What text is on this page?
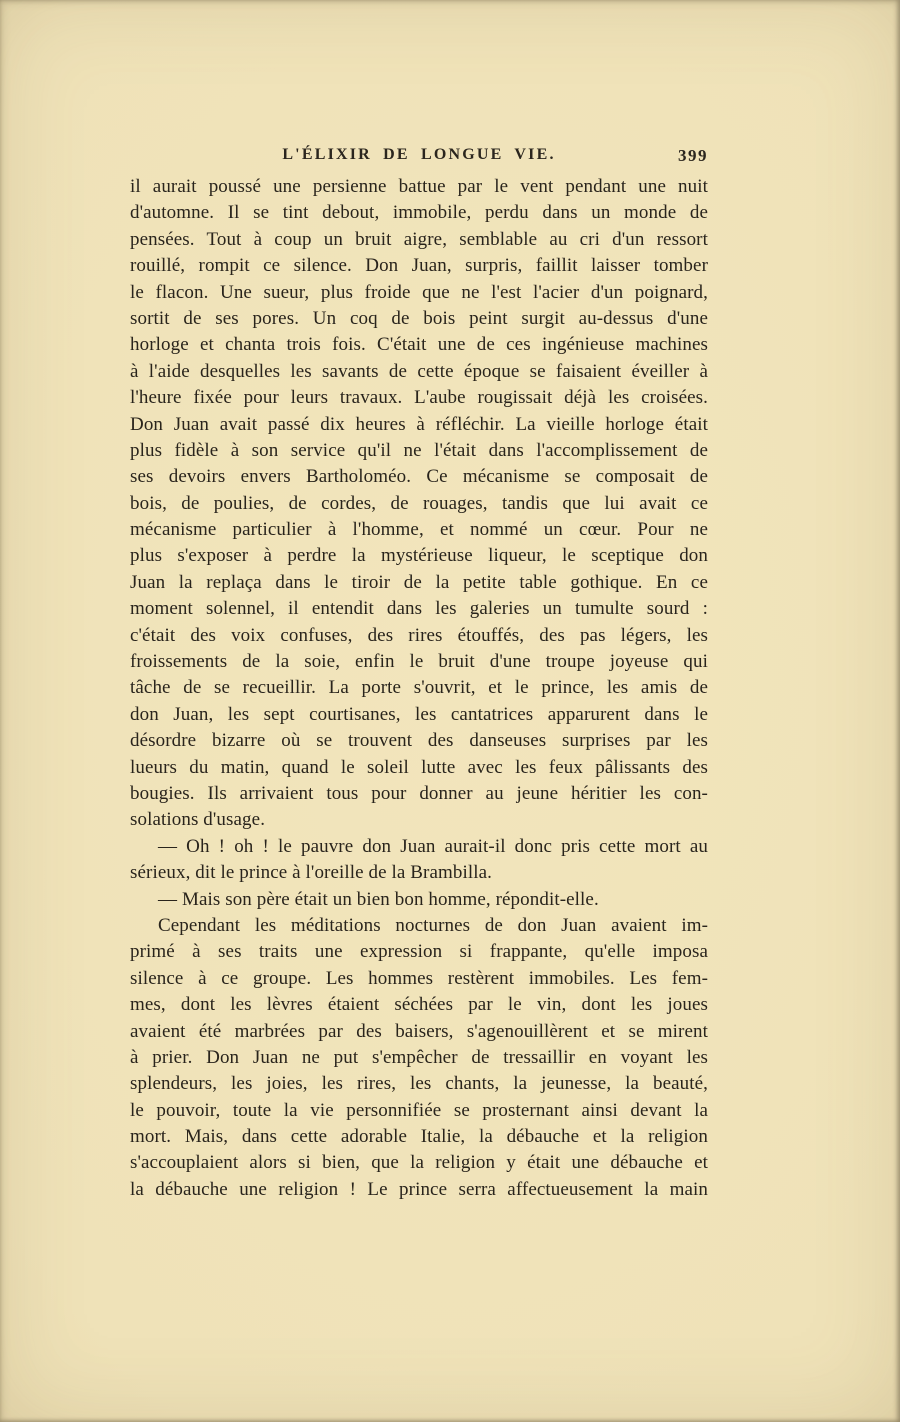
L'ÉLIXIR DE LONGUE VIE.	399
il aurait poussé une persienne battue par le vent pendant une nuit
d'automne. Il se tint debout, immobile, perdu dans un monde de
pensées. Tout à coup un bruit aigre, semblable au cri d'un ressort
rouillé, rompit ce silence. Don Juan, surpris, faillit laisser tomber
le flacon. Une sueur, plus froide que ne l'est l'acier d'un poignard,
sortit de ses pores. Un coq de bois peint surgit au-dessus d'une
horloge et chanta trois fois. C'était une de ces ingénieuse machines
à l'aide desquelles les savants de cette époque se faisaient éveiller à
l'heure fixée pour leurs travaux. L'aube rougissait déjà les croisées.
Don Juan avait passé dix heures à réfléchir. La vieille horloge était
plus fidèle à son service qu'il ne l'était dans l'accomplissement de
ses devoirs envers Bartholoméo. Ce mécanisme se composait de
bois, de poulies, de cordes, de rouages, tandis que lui avait ce
mécanisme particulier à l'homme, et nommé un cœur. Pour ne
plus s'exposer à perdre la mystérieuse liqueur, le sceptique don
Juan la replaça dans le tiroir de la petite table gothique. En ce
moment solennel, il entendit dans les galeries un tumulte sourd :
c'était des voix confuses, des rires étouffés, des pas légers, les
froissements de la soie, enfin le bruit d'une troupe joyeuse qui
tâche de se recueillir. La porte s'ouvrit, et le prince, les amis de
don Juan, les sept courtisanes, les cantatrices apparurent dans le
désordre bizarre où se trouvent des danseuses surprises par les
lueurs du matin, quand le soleil lutte avec les feux pâlissants des
bougies. Ils arrivaient tous pour donner au jeune héritier les con-
solations d'usage.
— Oh ! oh ! le pauvre don Juan aurait-il donc pris cette mort au
sérieux, dit le prince à l'oreille de la Brambilla.
— Mais son père était un bien bon homme, répondit-elle.
Cependant les méditations nocturnes de don Juan avaient im-
primé à ses traits une expression si frappante, qu'elle imposa
silence à ce groupe. Les hommes restèrent immobiles. Les fem-
mes, dont les lèvres étaient séchées par le vin, dont les joues
avaient été marbrées par des baisers, s'agenouillèrent et se mirent
à prier. Don Juan ne put s'empêcher de tressaillir en voyant les
splendeurs, les joies, les rires, les chants, la jeunesse, la beauté,
le pouvoir, toute la vie personnifiée se prosternant ainsi devant la
mort. Mais, dans cette adorable Italie, la débauche et la religion
s'accouplaient alors si bien, que la religion y était une débauche et
la débauche une religion ! Le prince serra affectueusement la main
